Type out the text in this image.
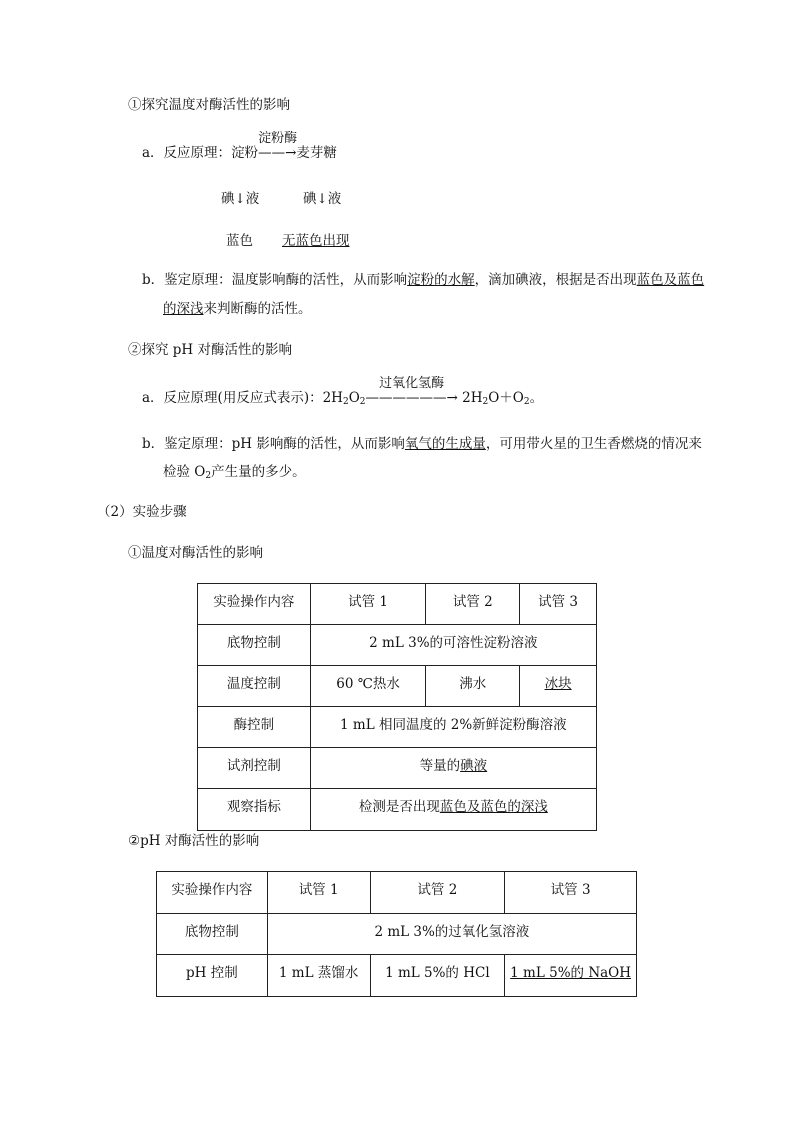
①探究温度对酶活性的影响
a．反应原理：淀粉
淀粉酶
——→麦芽糖
碘↓液	碘↓液
蓝色 无蓝色出现
b．鉴定原理：温度影响酶的活性，从而影响淀粉的水解，滴加碘液，根据是否出现蓝色及蓝色
的深浅来判断酶的活性。
②探究 pH 对酶活性的影响
a．反应原理(用反应式表示)：$2H_2O_2$
过氧化氢酶
——————→ $2H_2O+O_2$。
b．鉴定原理：pH 影响酶的活性，从而影响氧气的生成量，可用带火星的卫生香燃烧的情况来
检验 $O_2$产生量的多少。
（2）实验步骤
①温度对酶活性的影响
实验操作内容	试管 1	试管 2	试管 3
底物控制	2 mL 3%的可溶性淀粉溶液		
温度控制	60 ℃热水	沸水	冰块
酶控制	1 mL 相同温度的 2%新鲜淀粉酶溶液		
试剂控制	等量的碘液		
观察指标	检测是否出现蓝色及蓝色的深浅		
②pH 对酶活性的影响
实验操作内容	试管 1	试管 2	试管 3
底物控制	2 mL 3%的过氧化氢溶液		
pH 控制	1 mL 蒸馏水	1 mL 5%的 HCl	1 mL 5%的 NaOH
